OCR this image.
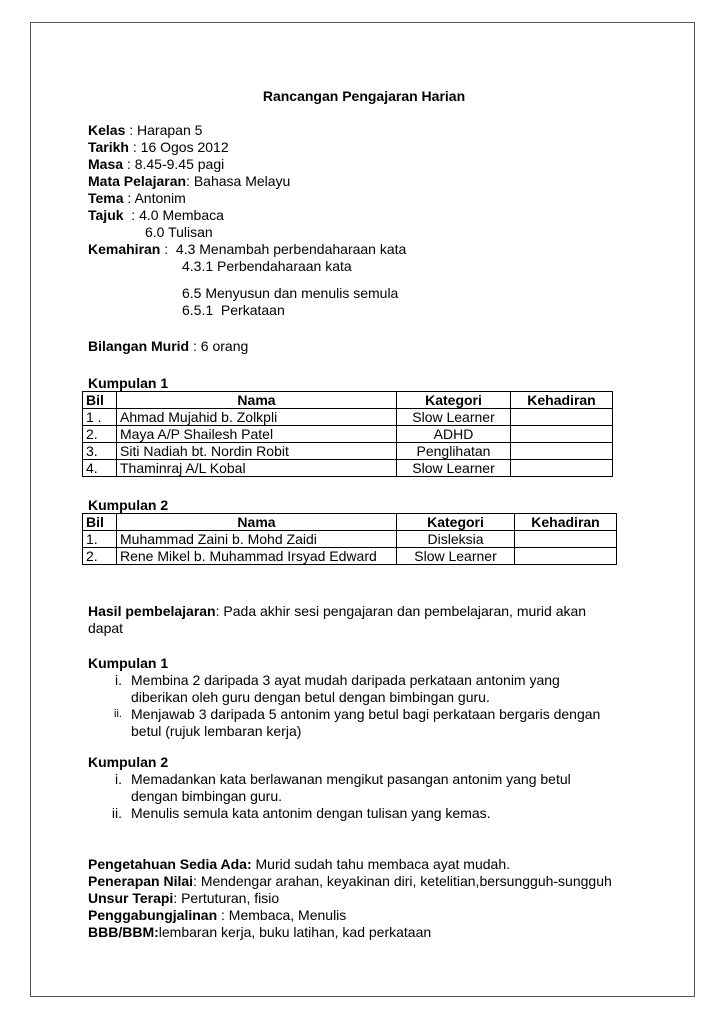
Rancangan Pengajaran Harian
Kelas : Harapan 5
Tarikh : 16 Ogos 2012
Masa : 8.45-9.45 pagi
Mata Pelajaran: Bahasa Melayu
Tema : Antonim
Tajuk  : 4.0 Membaca
6.0 Tulisan
Kemahiran :  4.3 Menambah perbendaharaan kata
4.3.1 Perbendaharaan kata
6.5 Menyusun dan menulis semula
6.5.1  Perkataan
Bilangan Murid : 6 orang
Kumpulan 1
Bil	Nama	Kategori	Kehadiran
1 .	Ahmad Mujahid b. Zolkpli	Slow Learner	
2.	Maya A/P Shailesh Patel	ADHD	
3.	Siti Nadiah bt. Nordin Robit	Penglihatan	
4.	Thaminraj A/L Kobal	Slow Learner	
Kumpulan 2
Bil	Nama	Kategori	Kehadiran
1.	Muhammad Zaini b. Mohd Zaidi	Disleksia	
2.	Rene Mikel b. Muhammad Irsyad Edward	Slow Learner	
Hasil pembelajaran: Pada akhir sesi pengajaran dan pembelajaran, murid akan
dapat
Kumpulan 1
i. Membina 2 daripada 3 ayat mudah daripada perkataan antonim yang
diberikan oleh guru dengan betul dengan bimbingan guru.
ii. Menjawab 3 daripada 5 antonim yang betul bagi perkataan bergaris dengan
betul (rujuk lembaran kerja)
Kumpulan 2
i. Memadankan kata berlawanan mengikut pasangan antonim yang betul
dengan bimbingan guru.
ii. Menulis semula kata antonim dengan tulisan yang kemas.
Pengetahuan Sedia Ada: Murid sudah tahu membaca ayat mudah.
Penerapan Nilai: Mendengar arahan, keyakinan diri, ketelitian,bersungguh-sungguh
Unsur Terapi: Pertuturan, fisio
Penggabungjalinan : Membaca, Menulis
BBB/BBM:lembaran kerja, buku latihan, kad perkataan
